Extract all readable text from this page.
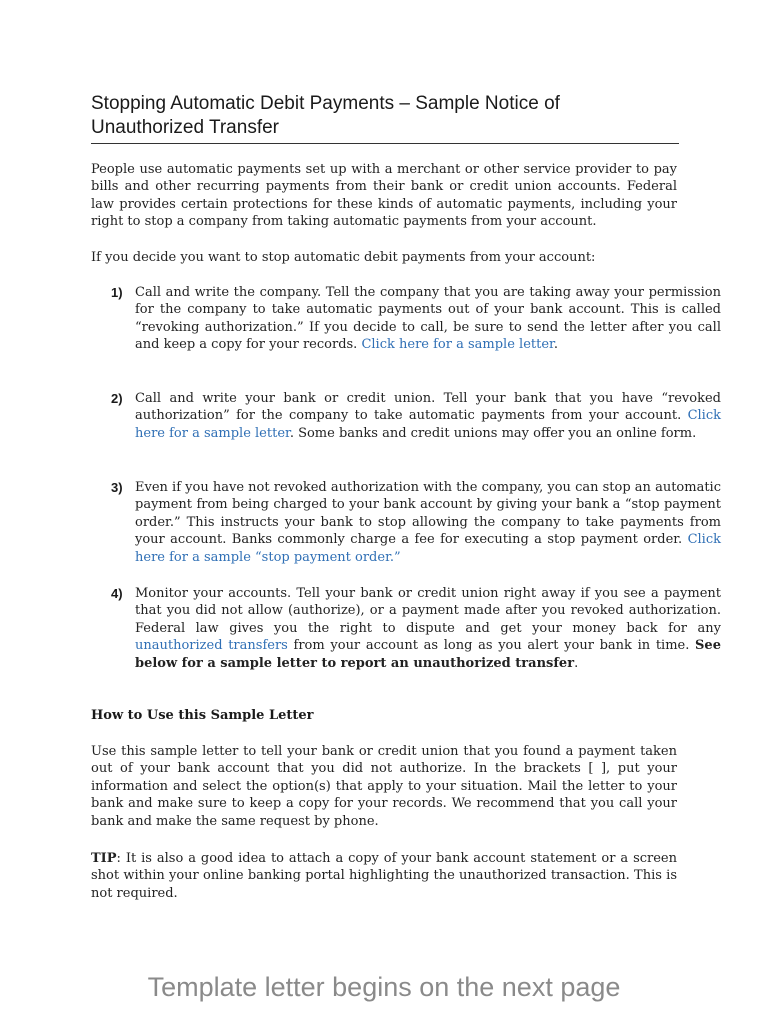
Stopping Automatic Debit Payments – Sample Notice of
Unauthorized Transfer

People use automatic payments set up with a merchant or other service provider to pay bills and other recurring payments from their bank or credit union accounts. Federal law provides certain protections for these kinds of automatic payments, including your right to stop a company from taking automatic payments from your account.

If you decide you want to stop automatic debit payments from your account:

1) Call and write the company. Tell the company that you are taking away your permission for the company to take automatic payments out of your bank account. This is called “revoking authorization.” If you decide to call, be sure to send the letter after you call and keep a copy for your records. Click here for a sample letter.

2) Call and write your bank or credit union. Tell your bank that you have “revoked authorization” for the company to take automatic payments from your account. Click here for a sample letter. Some banks and credit unions may offer you an online form.

3) Even if you have not revoked authorization with the company, you can stop an automatic payment from being charged to your bank account by giving your bank a “stop payment order.” This instructs your bank to stop allowing the company to take payments from your account. Banks commonly charge a fee for executing a stop payment order. Click here for a sample “stop payment order.”

4) Monitor your accounts. Tell your bank or credit union right away if you see a payment that you did not allow (authorize), or a payment made after you revoked authorization. Federal law gives you the right to dispute and get your money back for any unauthorized transfers from your account as long as you alert your bank in time. See below for a sample letter to report an unauthorized transfer.

How to Use this Sample Letter

Use this sample letter to tell your bank or credit union that you found a payment taken out of your bank account that you did not authorize. In the brackets [ ], put your information and select the option(s) that apply to your situation. Mail the letter to your bank and make sure to keep a copy for your records. We recommend that you call your bank and make the same request by phone.

TIP: It is also a good idea to attach a copy of your bank account statement or a screen shot within your online banking portal highlighting the unauthorized transaction. This is not required.

Template letter begins on the next page
